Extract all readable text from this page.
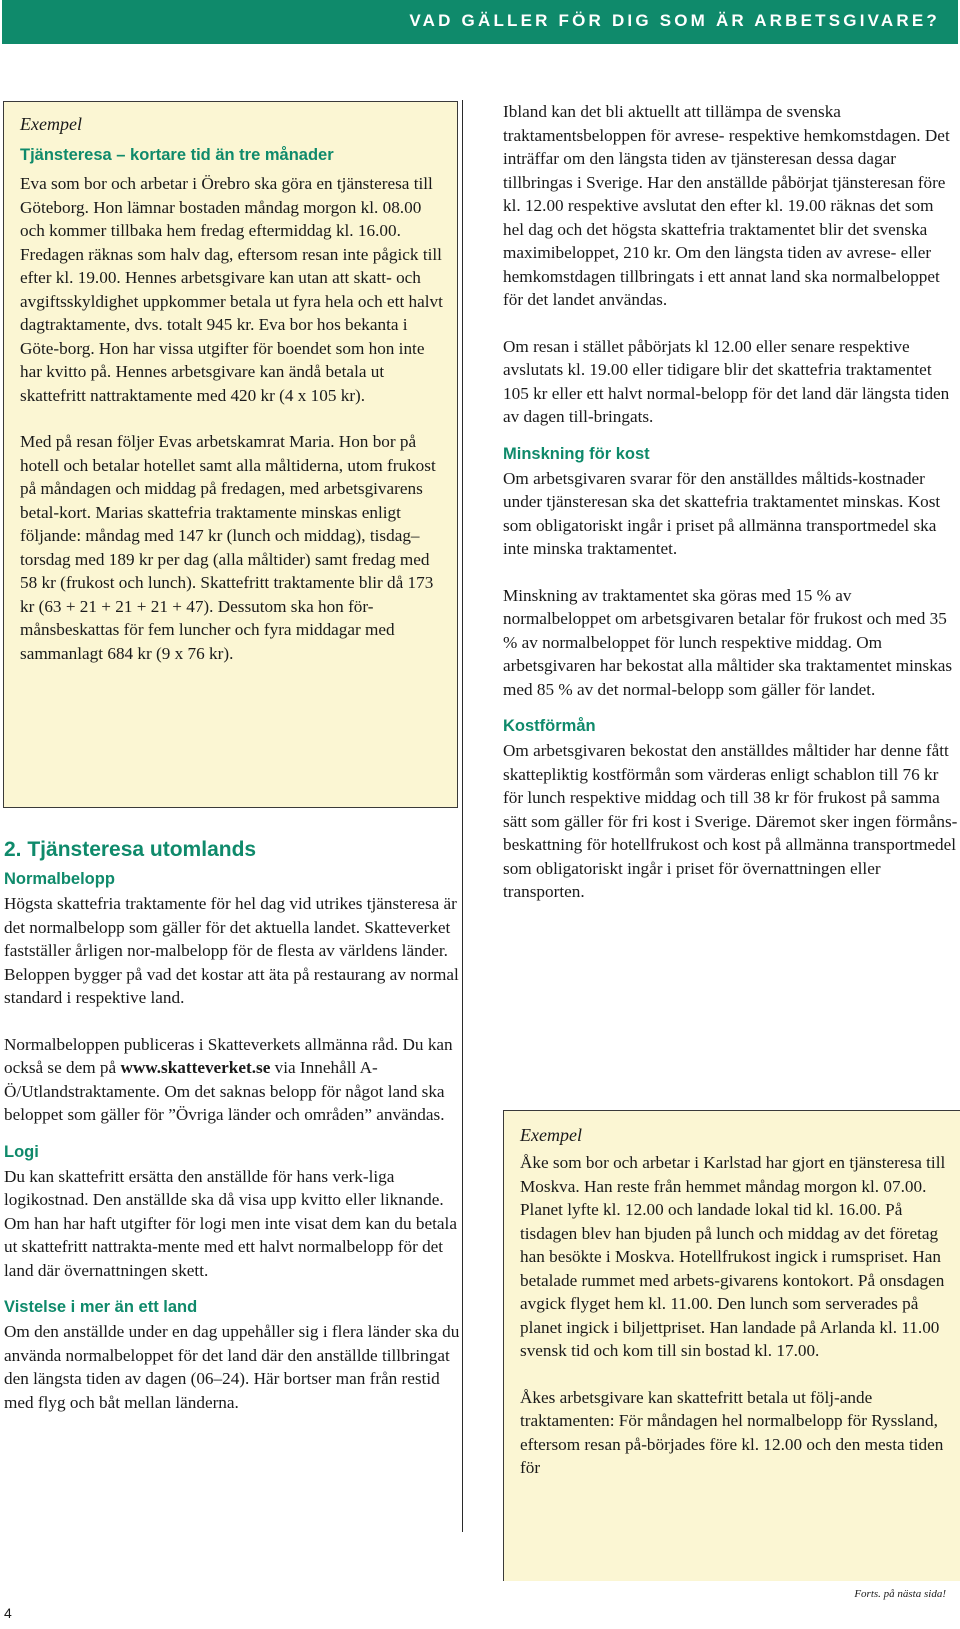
VAD GÄLLER FÖR DIG SOM ÄR ARBETSGIVARE?
Exempel
Tjänsteresa – kortare tid än tre månader

Eva som bor och arbetar i Örebro ska göra en tjänsteresa till Göteborg. Hon lämnar bostaden måndag morgon kl. 08.00 och kommer tillbaka hem fredag eftermiddag kl. 16.00. Fredagen räknas som halv dag, eftersom resan inte pågick till efter kl. 19.00. Hennes arbetsgivare kan utan att skatt- och avgiftsskyldighet uppkommer betala ut fyra hela och ett halvt dagtraktamente, dvs. totalt 945 kr. Eva bor hos bekanta i Göte-borg. Hon har vissa utgifter för boendet som hon inte har kvitto på. Hennes arbetsgivare kan ändå betala ut skattefritt nattraktamente med 420 kr (4 x 105 kr).

Med på resan följer Evas arbetskamrat Maria. Hon bor på hotell och betalar hotellet samt alla måltiderna, utom frukost på måndagen och middag på fredagen, med arbetsgivarens betal-kort. Marias skattefria traktamente minskas enligt följande: måndag med 147 kr (lunch och middag), tisdag–torsdag med 189 kr per dag (alla måltider) samt fredag med 58 kr (frukost och lunch). Skattefritt traktamente blir då 173 kr (63 + 21 + 21 + 21 + 47). Dessutom ska hon för-månsbeskattas för fem luncher och fyra middagar med sammanlagt 684 kr (9 x 76 kr).

2. Tjänsteresa utomlands
Normalbelopp

Högsta skattefria traktamente för hel dag vid utrikes tjänsteresa är det normalbelopp som gäller för det aktuella landet. Skatteverket fastställer årligen nor-malbelopp för de flesta av världens länder. Beloppen bygger på vad det kostar att äta på restaurang av normal standard i respektive land.

Normalbeloppen publiceras i Skatteverkets allmänna råd. Du kan också se dem på www.skatteverket.se via Innehåll A-Ö/Utlandstraktamente. Om det saknas belopp för något land ska beloppet som gäller för ”Övriga länder och områden” användas.

Logi

Du kan skattefritt ersätta den anställde för hans verk-liga logikostnad. Den anställde ska då visa upp kvitto eller liknande. Om han har haft utgifter för logi men inte visat dem kan du betala ut skattefritt nattrakta-mente med ett halvt normalbelopp för det land där övernattningen skett.

Vistelse i mer än ett land

Om den anställde under en dag uppehåller sig i flera länder ska du använda normalbeloppet för det land där den anställde tillbringat den längsta tiden av dagen (06–24). Här bortser man från restid med flyg och båt mellan länderna.

Ibland kan det bli aktuellt att tillämpa de svenska traktamentsbeloppen för avrese- respektive hemkomstdagen. Det inträffar om den längsta tiden av tjänsteresan dessa dagar tillbringas i Sverige. Har den anställde påbörjat tjänsteresan före kl. 12.00 respektive avslutat den efter kl. 19.00 räknas det som hel dag och det högsta skattefria traktamentet blir det svenska maximibeloppet, 210 kr. Om den längsta tiden av avrese- eller hemkomstdagen tillbringats i ett annat land ska normalbeloppet för det landet användas.

Om resan i stället påbörjats kl 12.00 eller senare respektive avslutats kl. 19.00 eller tidigare blir det skattefria traktamentet 105 kr eller ett halvt normal-belopp för det land där längsta tiden av dagen till-bringats.

Minskning för kost

Om arbetsgivaren svarar för den anställdes måltids-kostnader under tjänsteresan ska det skattefria traktamentet minskas. Kost som obligatoriskt ingår i priset på allmänna transportmedel ska inte minska traktamentet.

Minskning av traktamentet ska göras med 15 % av normalbeloppet om arbetsgivaren betalar för frukost och med 35 % av normalbeloppet för lunch respektive middag. Om arbetsgivaren har bekostat alla måltider ska traktamentet minskas med 85 % av det normal-belopp som gäller för landet.

Kostförmån

Om arbetsgivaren bekostat den anställdes måltider har denne fått skattepliktig kostförmån som värderas enligt schablon till 76 kr för lunch respektive middag och till 38 kr för frukost på samma sätt som gäller för fri kost i Sverige. Däremot sker ingen förmåns-beskattning för hotellfrukost och kost på allmänna transportmedel som obligatoriskt ingår i priset för övernattningen eller transporten.

Exempel

Åke som bor och arbetar i Karlstad har gjort en tjänsteresa till Moskva. Han reste från hemmet måndag morgon kl. 07.00. Planet lyfte kl. 12.00 och landade lokal tid kl. 16.00. På tisdagen blev han bjuden på lunch och middag av det företag han besökte i Moskva. Hotellfrukost ingick i rumspriset. Han betalade rummet med arbets-givarens kontokort. På onsdagen avgick flyget hem kl. 11.00. Den lunch som serverades på planet ingick i biljettpriset. Han landade på Arlanda kl. 11.00 svensk tid och kom till sin bostad kl. 17.00.

Åkes arbetsgivare kan skattefritt betala ut följ-ande traktamenten: För måndagen hel normalbelopp för Ryssland, eftersom resan på-börjades före kl. 12.00 och den mesta tiden för

Forts. på nästa sida!
4
